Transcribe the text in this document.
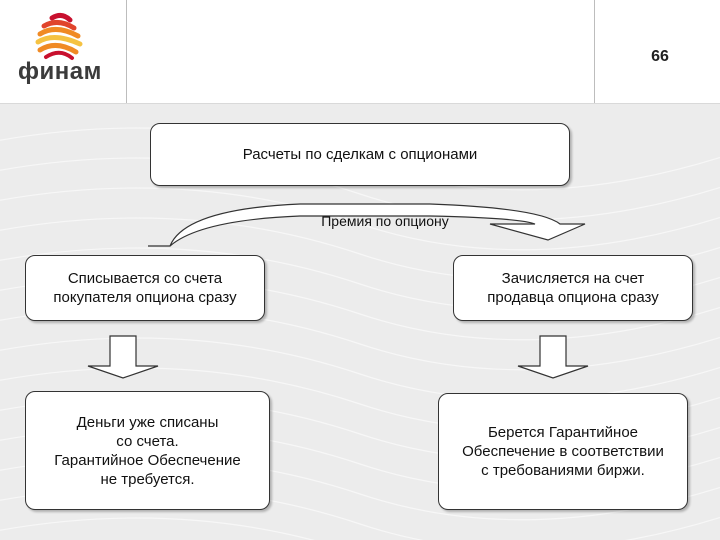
финам
66
Расчеты по сделкам с опционами
Премия по опциону
Списывается со счета
покупателя опциона сразу
Зачисляется на счет
продавца опциона сразу
Деньги уже списаны
со счета.
Гарантийное Обеспечение
не требуется.
Берется Гарантийное
Обеспечение в соответствии
с требованиями биржи.
